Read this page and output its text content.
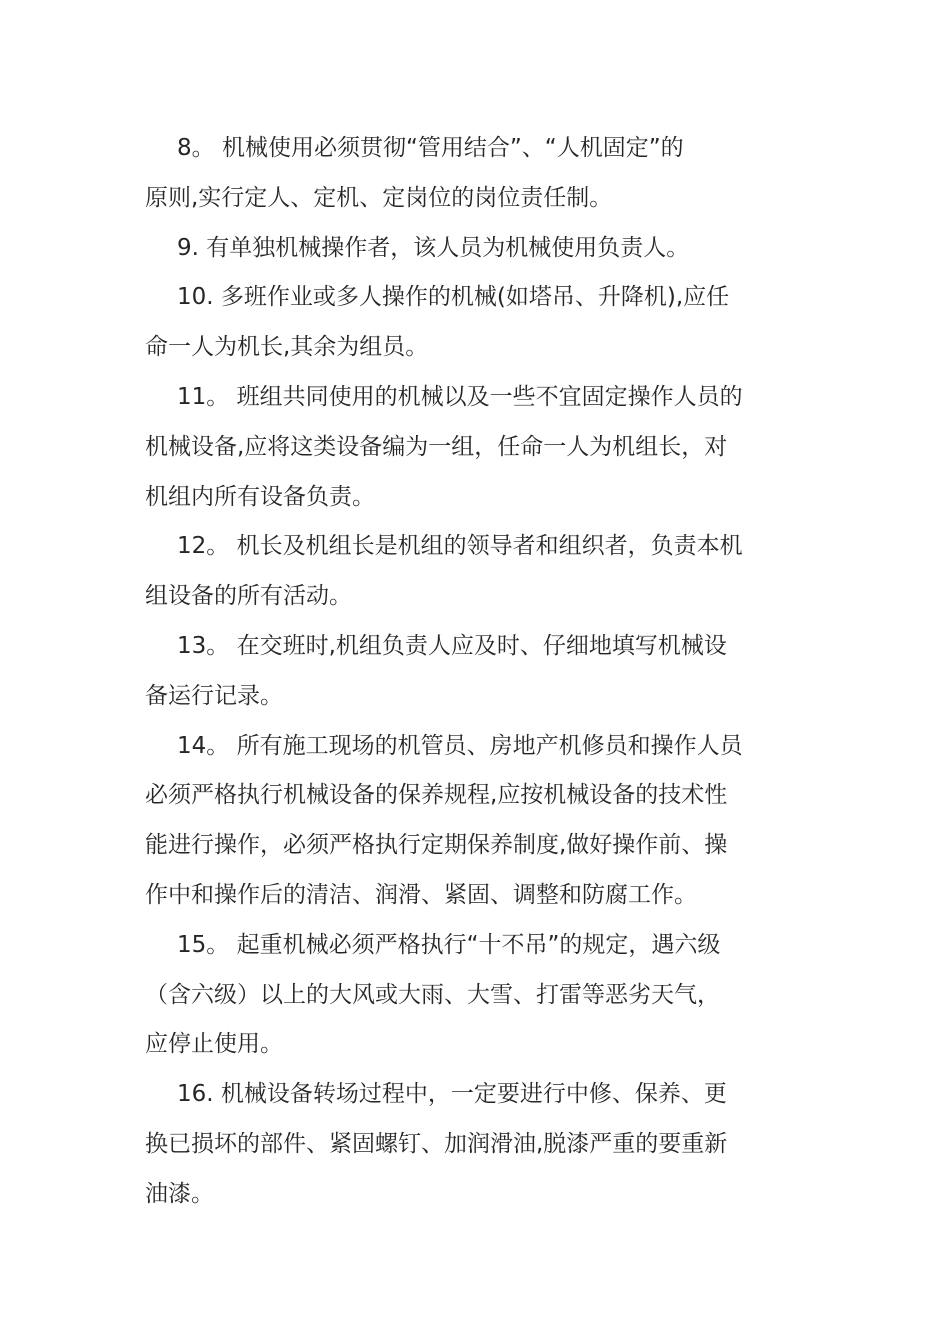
8。 机械使用必须贯彻“管用结合”、“人机固定”的
原则,实行定人、定机、定岗位的岗位责任制。
9. 有单独机械操作者，该人员为机械使用负责人。
10. 多班作业或多人操作的机械(如塔吊、升降机),应任
命一人为机长,其余为组员。
11。 班组共同使用的机械以及一些不宜固定操作人员的
机械设备,应将这类设备编为一组，任命一人为机组长，对
机组内所有设备负责。
12。 机长及机组长是机组的领导者和组织者，负责本机
组设备的所有活动。
13。 在交班时,机组负责人应及时、仔细地填写机械设
备运行记录。
14。 所有施工现场的机管员、房地产机修员和操作人员
必须严格执行机械设备的保养规程,应按机械设备的技术性
能进行操作，必须严格执行定期保养制度,做好操作前、操
作中和操作后的清洁、润滑、紧固、调整和防腐工作。
15。 起重机械必须严格执行“十不吊”的规定，遇六级
（含六级）以上的大风或大雨、大雪、打雷等恶劣天气，
应停止使用。
16. 机械设备转场过程中，一定要进行中修、保养、更
换已损坏的部件、紧固螺钉、加润滑油,脱漆严重的要重新
油漆。
